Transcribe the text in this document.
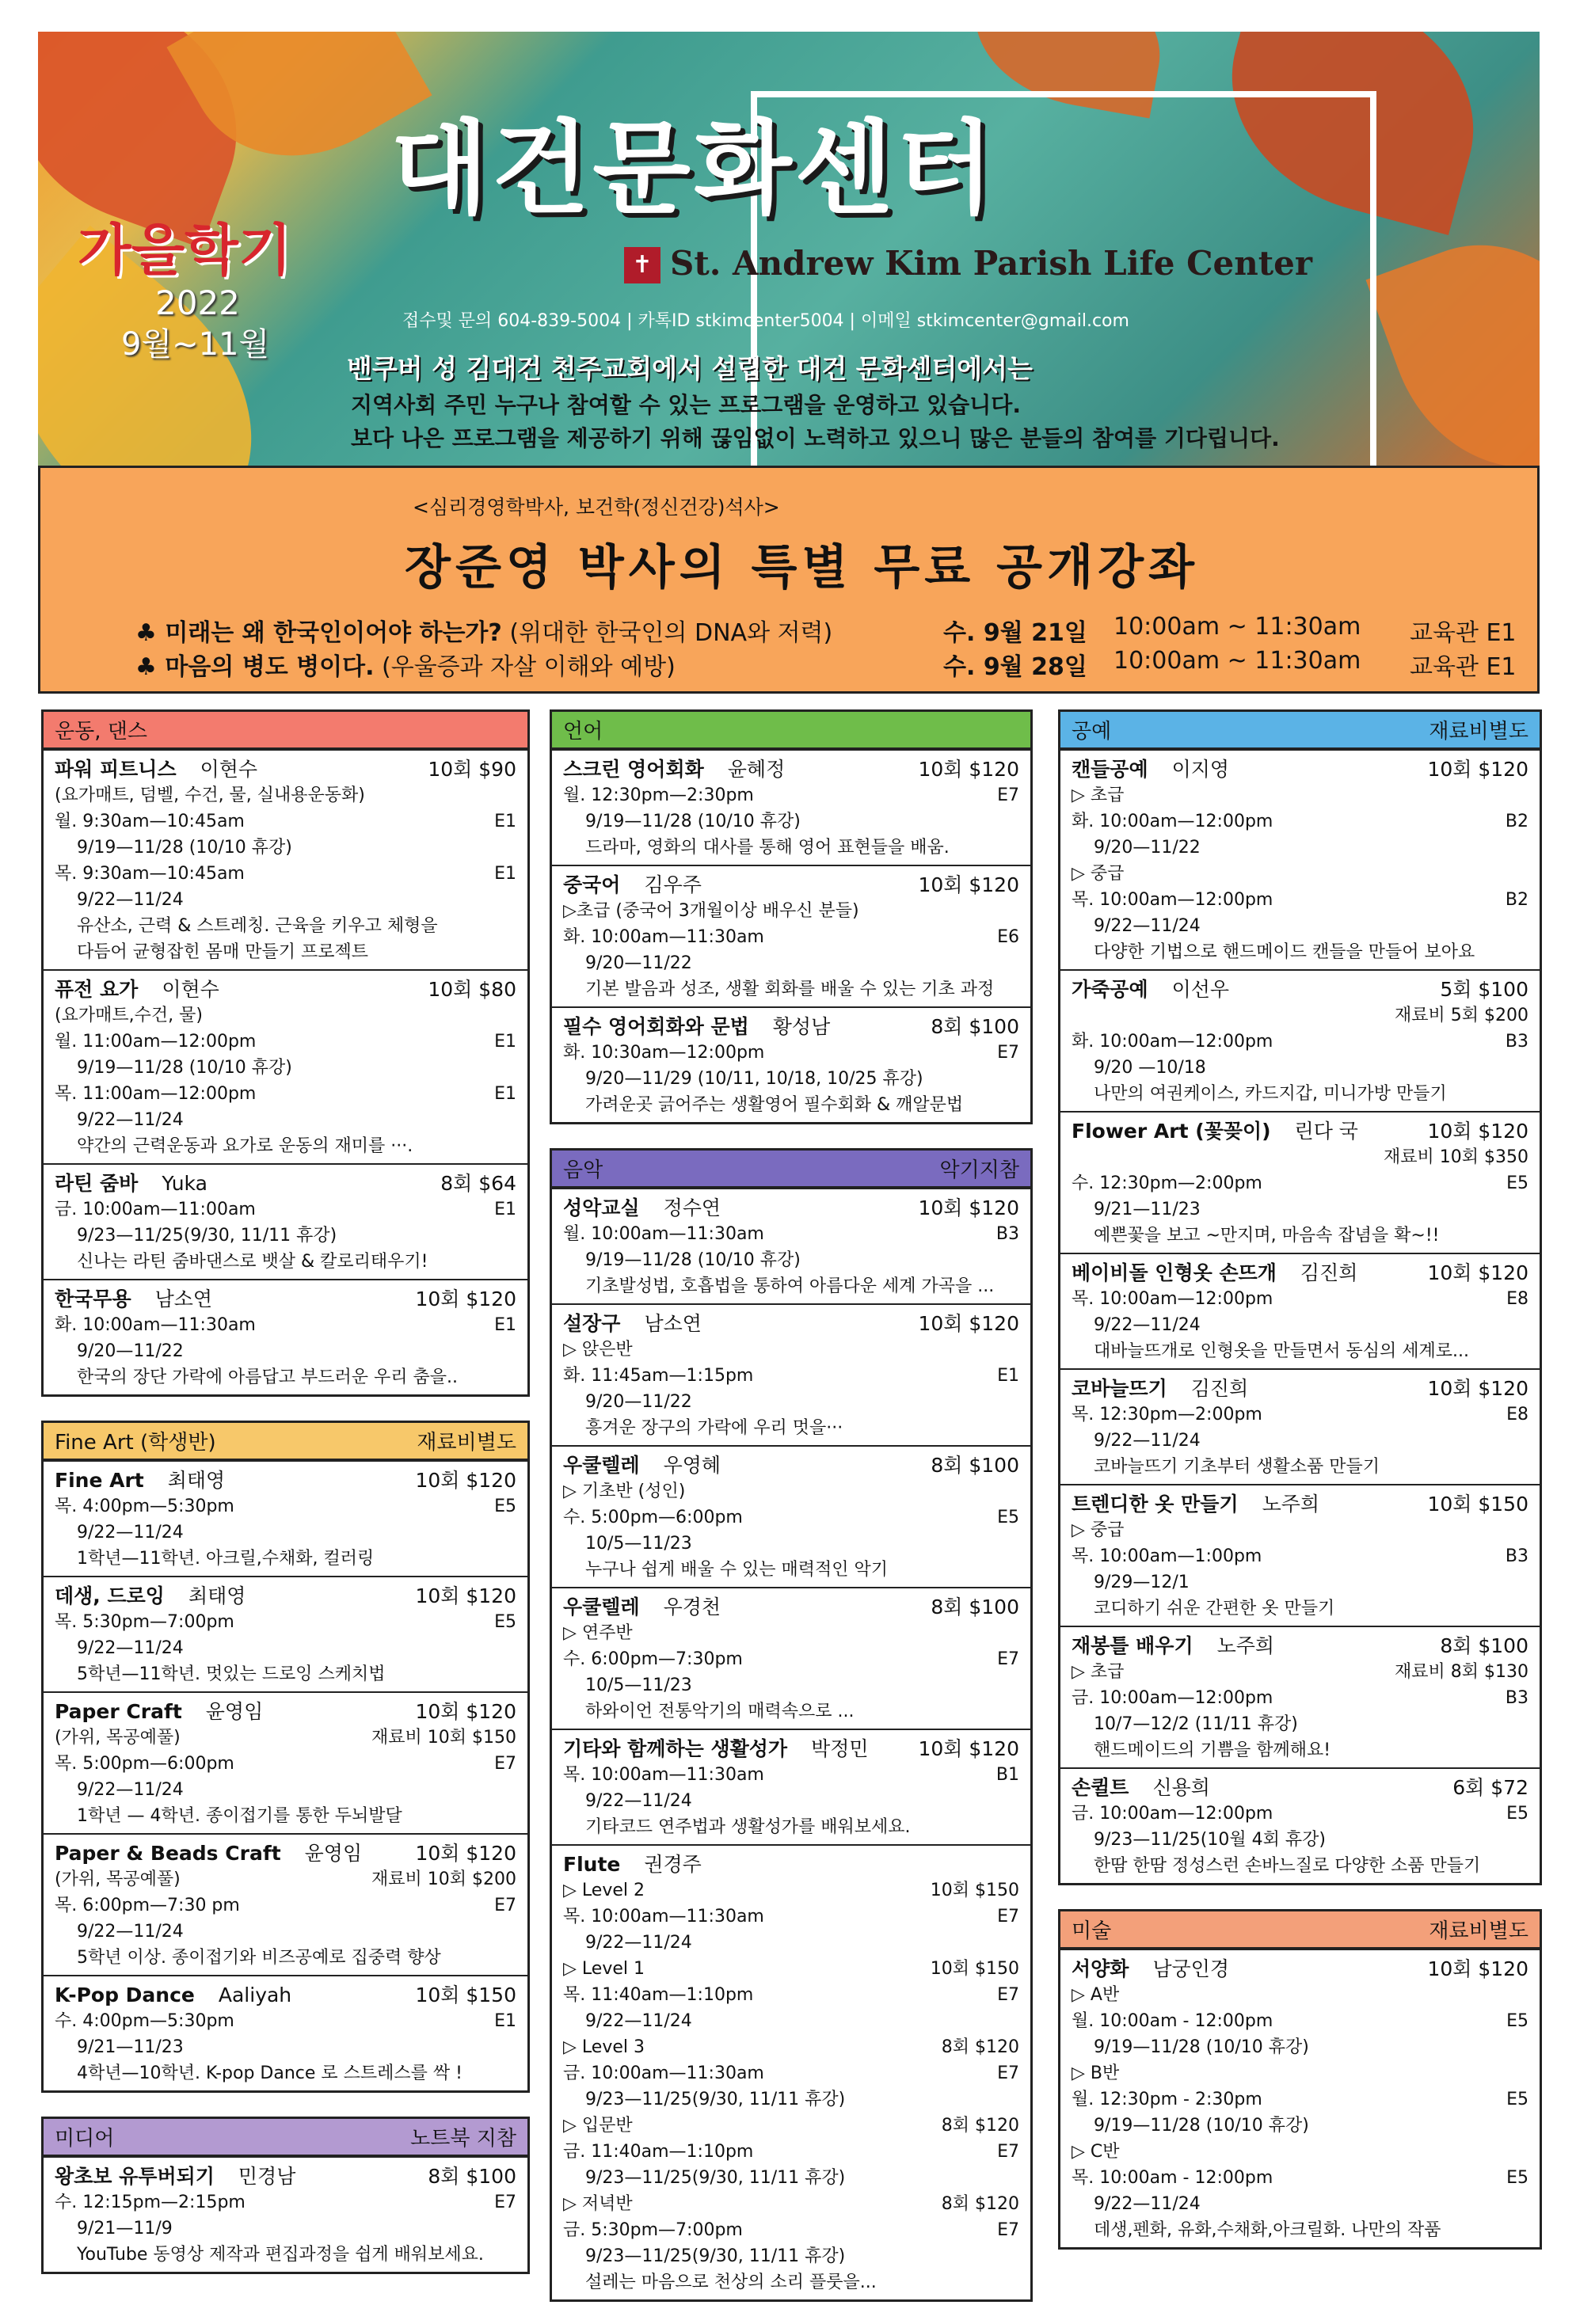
대건문화센터
가을학기
2022
9월~11월
✝ St. Andrew Kim Parish Life Center
접수및 문의 604-839-5004 | 카톡ID stkimcenter5004 | 이메일 stkimcenter@gmail.com
밴쿠버 성 김대건 천주교회에서 설립한 대건 문화센터에서는
지역사회 주민 누구나 참여할 수 있는 프로그램을 운영하고 있습니다.
보다 나은 프로그램을 제공하기 위해 끊임없이 노력하고 있으니 많은 분들의 참여를 기다립니다.
<심리경영학박사, 보건학(정신건강)석사>
장준영 박사의 특별 무료 공개강좌
♣ 미래는 왜 한국인이어야 하는가? (위대한 한국인의 DNA와 저력)	수. 9월 21일	10:00am ~ 11:30am	교육관 E1
♣ 마음의 병도 병이다. (우울증과 자살 이해와 예방)	수. 9월 28일	10:00am ~ 11:30am	교육관 E1
운동, 댄스
파워 피트니스	이현수	10회 $90
(요가매트, 덤벨, 수건, 물, 실내용운동화)
월. 9:30am—10:45am	E1
9/19—11/28 (10/10 휴강)
목. 9:30am—10:45am	E1
9/22—11/24
유산소, 근력 & 스트레칭. 근육을 키우고 체형을
다듬어 균형잡힌 몸매 만들기 프로젝트
퓨전 요가	이현수	10회 $80
(요가매트,수건, 물)
월. 11:00am—12:00pm	E1
9/19—11/28 (10/10 휴강)
목. 11:00am—12:00pm	E1
9/22—11/24
약간의 근력운동과 요가로 운동의 재미를 ···.
라틴 줌바	Yuka	8회 $64
금. 10:00am—11:00am	E1
9/23—11/25(9/30, 11/11 휴강)
신나는 라틴 줌바댄스로 뱃살 & 칼로리태우기!
한국무용	남소연	10회 $120
화. 10:00am—11:30am	E1
9/20—11/22
한국의 장단 가락에 아름답고 부드러운 우리 춤을..
Fine Art (학생반)	재료비별도
Fine Art	최태영	10회 $120
목. 4:00pm—5:30pm	E5
9/22—11/24
1학년—11학년. 아크릴,수채화, 컬러링
데생, 드로잉	최태영	10회 $120
목. 5:30pm—7:00pm	E5
9/22—11/24
5학년—11학년. 멋있는 드로잉 스케치법
Paper Craft	윤영임	10회 $120
(가위, 목공예풀)	재료비 10회 $150
목. 5:00pm—6:00pm	E7
9/22—11/24
1학년 — 4학년. 종이접기를 통한 두뇌발달
Paper & Beads Craft	윤영임	10회 $120
(가위, 목공예풀)	재료비 10회 $200
목. 6:00pm—7:30 pm	E7
9/22—11/24
5학년 이상. 종이접기와 비즈공예로 집중력 향상
K-Pop Dance	Aaliyah	10회 $150
수. 4:00pm—5:30pm	E1
9/21—11/23
4학년—10학년. K-pop Dance 로 스트레스를 싹 !
미디어	노트북 지참
왕초보 유투버되기	민경남	8회 $100
수. 12:15pm—2:15pm	E7
9/21—11/9
YouTube 동영상 제작과 편집과정을 쉽게 배워보세요.
언어
스크린 영어회화	윤혜정	10회 $120
월. 12:30pm—2:30pm	E7
9/19—11/28 (10/10 휴강)
드라마, 영화의 대사를 통해 영어 표현들을 배움.
중국어	김우주	10회 $120
▷초급 (중국어 3개월이상 배우신 분들)
화. 10:00am—11:30am	E6
9/20—11/22
기본 발음과 성조, 생활 회화를 배울 수 있는 기초 과정
필수 영어회화와 문법	황성남	8회 $100
화. 10:30am—12:00pm	E7
9/20—11/29 (10/11, 10/18, 10/25 휴강)
가려운곳 긁어주는 생활영어 필수회화 & 깨알문법
음악	악기지참
성악교실	정수연	10회 $120
월. 10:00am—11:30am	B3
9/19—11/28 (10/10 휴강)
기초발성법, 호흡법을 통하여 아름다운 세계 가곡을 ...
설장구	남소연	10회 $120
▷ 앉은반
화. 11:45am—1:15pm	E1
9/20—11/22
흥겨운 장구의 가락에 우리 멋을···
우쿨렐레	우영혜	8회 $100
▷ 기초반 (성인)
수. 5:00pm—6:00pm	E5
10/5—11/23
누구나 쉽게 배울 수 있는 매력적인 악기
우쿨렐레	우경천	8회 $100
▷ 연주반
수. 6:00pm—7:30pm	E7
10/5—11/23
하와이언 전통악기의 매력속으로 ...
기타와 함께하는 생활성가	박정민	10회 $120
목. 10:00am—11:30am	B1
9/22—11/24
기타코드 연주법과 생활성가를 배워보세요.
Flute	권경주
▷ Level 2	10회 $150
목. 10:00am—11:30am	E7
9/22—11/24
▷ Level 1	10회 $150
목. 11:40am—1:10pm	E7
9/22—11/24
▷ Level 3	8회 $120
금. 10:00am—11:30am	E7
9/23—11/25(9/30, 11/11 휴강)
▷ 입문반	8회 $120
금. 11:40am—1:10pm	E7
9/23—11/25(9/30, 11/11 휴강)
▷ 저녁반	8회 $120
금. 5:30pm—7:00pm	E7
9/23—11/25(9/30, 11/11 휴강)
설레는 마음으로 천상의 소리 플룻을...
공예	재료비별도
캔들공예	이지영	10회 $120
▷ 초급
화. 10:00am—12:00pm	B2
9/20—11/22
▷ 중급
목. 10:00am—12:00pm	B2
9/22—11/24
다양한 기법으로 핸드메이드 캔들을 만들어 보아요
가죽공예	이선우	5회 $100
재료비 5회 $200
화. 10:00am—12:00pm	B3
9/20 —10/18
나만의 여권케이스, 카드지갑, 미니가방 만들기
Flower Art (꽃꽂이)	린다 국	10회 $120
재료비 10회 $350
수. 12:30pm—2:00pm	E5
9/21—11/23
예쁜꽃을 보고 ~만지며, 마음속 잡념을 확~!!
베이비돌 인형옷 손뜨개	김진희	10회 $120
목. 10:00am—12:00pm	E8
9/22—11/24
대바늘뜨개로 인형옷을 만들면서 동심의 세계로...
코바늘뜨기	김진희	10회 $120
목. 12:30pm—2:00pm	E8
9/22—11/24
코바늘뜨기 기초부터 생활소품 만들기
트렌디한 옷 만들기	노주희	10회 $150
▷ 중급
목. 10:00am—1:00pm	B3
9/29—12/1
코디하기 쉬운 간편한 옷 만들기
재봉틀 배우기	노주희	8회 $100
▷ 초급	재료비 8회 $130
금. 10:00am—12:00pm	B3
10/7—12/2 (11/11 휴강)
핸드메이드의 기쁨을 함께해요!
손퀼트	신용희	6회 $72
금. 10:00am—12:00pm	E5
9/23—11/25(10월 4회 휴강)
한땀 한땀 정성스런 손바느질로 다양한 소품 만들기
미술	재료비별도
서양화	남궁인경	10회 $120
▷ A반
월. 10:00am - 12:00pm	E5
9/19—11/28 (10/10 휴강)
▷ B반
월. 12:30pm - 2:30pm	E5
9/19—11/28 (10/10 휴강)
▷ C반
목. 10:00am - 12:00pm	E5
9/22—11/24
데생,펜화, 유화,수채화,아크릴화. 나만의 작품
